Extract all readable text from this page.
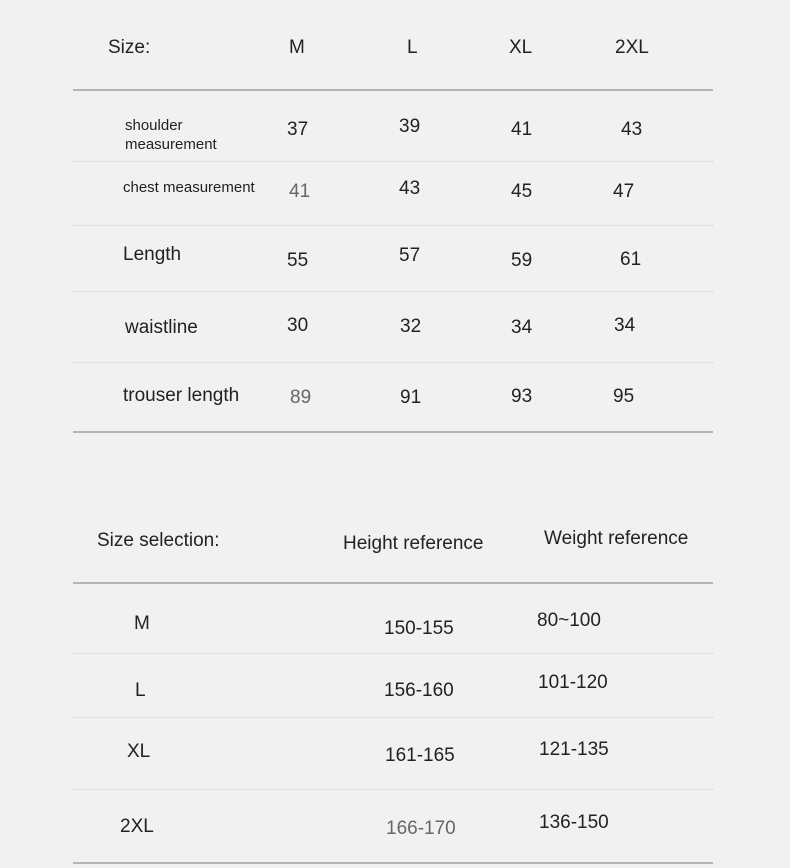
Size:	M	L	XL	2XL
shoulder
measurement
37	39	41	43
chest measurement 41	43	45	47
Length	55	57	59	61
waistline	30	32	34	34
trouser length	89	91	93	95
Size selection:	Height reference	Weight reference
M	150-155	80~100
L	156-160	101-120
XL	161-165	121-135
2XL	166-170	136-150
